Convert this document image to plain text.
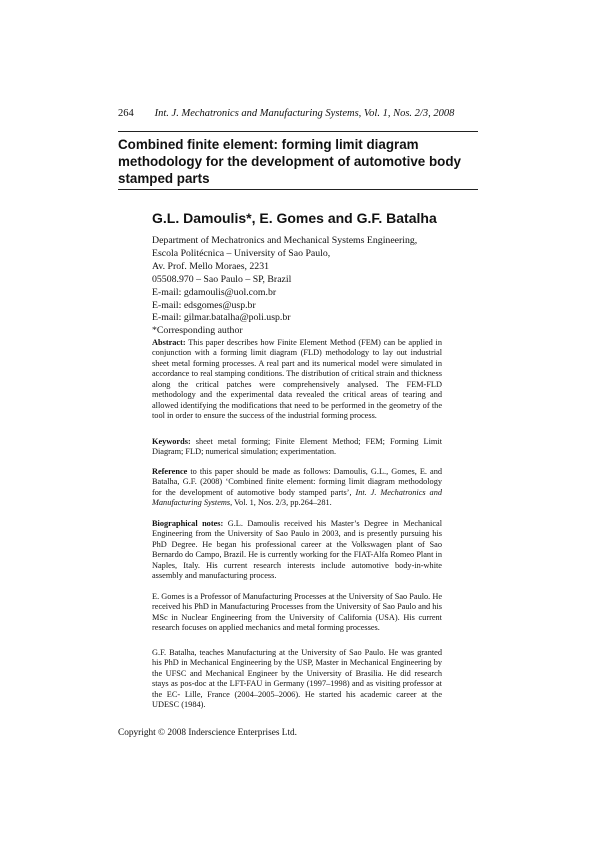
264 Int. J. Mechatronics and Manufacturing Systems, Vol. 1, Nos. 2/3, 2008
Combined finite element: forming limit diagram methodology for the development of automotive body stamped parts
G.L. Damoulis*, E. Gomes and G.F. Batalha
Department of Mechatronics and Mechanical Systems Engineering,
Escola Politécnica – University of Sao Paulo,
Av. Prof. Mello Moraes, 2231
05508.970 – Sao Paulo – SP, Brazil
E-mail: gdamoulis@uol.com.br
E-mail: edsgomes@usp.br
E-mail: gilmar.batalha@poli.usp.br
*Corresponding author

Abstract: This paper describes how Finite Element Method (FEM) can be applied in conjunction with a forming limit diagram (FLD) methodology to lay out industrial sheet metal forming processes. A real part and its numerical model were simulated in accordance to real stamping conditions. The distribution of critical strain and thickness along the critical patches were comprehensively analysed. The FEM-FLD methodology and the experimental data revealed the critical areas of tearing and allowed identifying the modifications that need to be performed in the geometry of the tool in order to ensure the success of the industrial forming process.

Keywords: sheet metal forming; Finite Element Method; FEM; Forming Limit Diagram; FLD; numerical simulation; experimentation.

Reference to this paper should be made as follows: Damoulis, G.L., Gomes, E. and Batalha, G.F. (2008) ‘Combined finite element: forming limit diagram methodology for the development of automotive body stamped parts’, Int. J. Mechatronics and Manufacturing Systems, Vol. 1, Nos. 2/3, pp.264–281.

Biographical notes: G.L. Damoulis received his Master’s Degree in Mechanical Engineering from the University of Sao Paulo in 2003, and is presently pursuing his PhD Degree. He began his professional career at the Volkswagen plant of Sao Bernardo do Campo, Brazil. He is currently working for the FIAT-Alfa Romeo Plant in Naples, Italy. His current research interests include automotive body-in-white assembly and manufacturing process.

E. Gomes is a Professor of Manufacturing Processes at the University of Sao Paulo. He received his PhD in Manufacturing Processes from the University of Sao Paulo and his MSc in Nuclear Engineering from the University of California (USA). His current research focuses on applied mechanics and metal forming processes.

G.F. Batalha, teaches Manufacturing at the University of Sao Paulo. He was granted his PhD in Mechanical Engineering by the USP, Master in Mechanical Engineering by the UFSC and Mechanical Engineer by the University of Brasilia. He did research stays as pos-doc at the LFT-FAU in Germany (1997–1998) and as visiting professor at the EC- Lille, France (2004–2005–2006). He started his academic career at the UDESC (1984).

Copyright © 2008 Inderscience Enterprises Ltd.
